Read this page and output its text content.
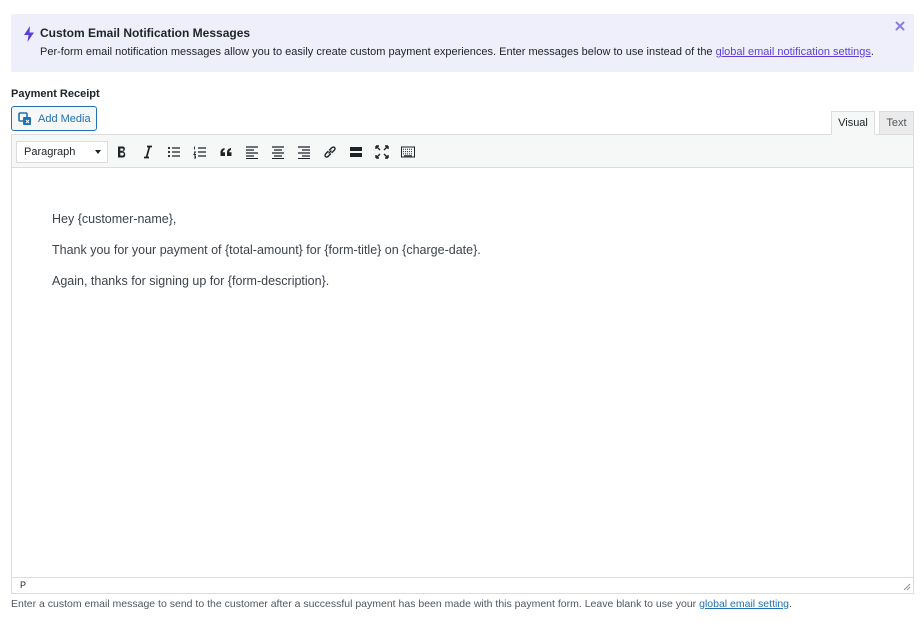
Custom Email Notification Messages
Per-form email notification messages allow you to easily create custom payment experiences. Enter messages below to use instead of the global email notification settings.
Payment Receipt
Add Media	Visual	Text
Paragraph

Hey {customer-name},

Thank you for your payment of {total-amount} for {form-title} on {charge-date}.

Again, thanks for signing up for {form-description}.

P
Enter a custom email message to send to the customer after a successful payment has been made with this payment form. Leave blank to use your global email setting.
